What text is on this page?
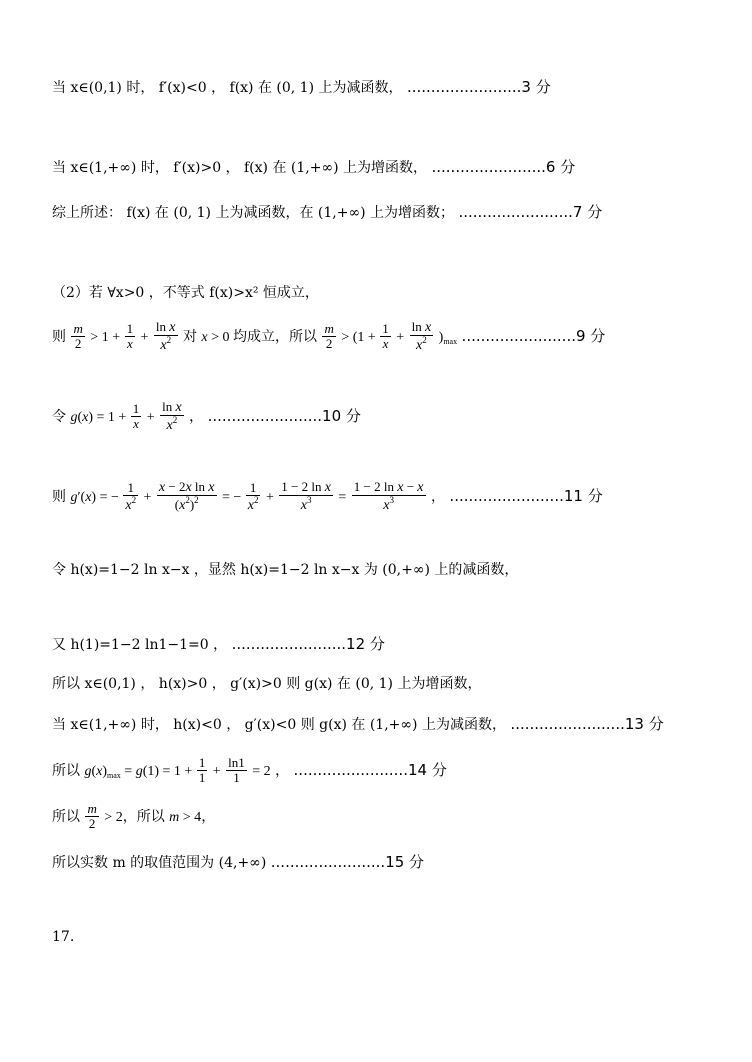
当 x∈(0,1) 时， f′(x)<0 ， f(x) 在 (0, 1) 上为减函数， ........................3 分
当 x∈(1,+∞) 时， f′(x)>0 ， f(x) 在 (1,+∞) 上为增函数， ........................6 分
综上所述： f(x) 在 (0, 1) 上为减函数，在 (1,+∞) 上为增函数； ........................7 分
（2）若 ∀x>0 ，不等式 f(x)>x² 恒成立，
则 $\frac{m}{2} > 1 + \frac{1}{x} + \frac{\text{ln x}}{x^2}$ 对 x > 0 均成立，所以 $\frac{m}{2} > (1 + \frac{1}{x} + \frac{\text{ln x}}{x^2} )_{max}$ ........................9 分
令 $g(x) = 1 + \frac{1}{x} + \frac{\text{ln x}}{x^2}$ ， ........................10 分
则 g′(x) = − $\frac{1}{x^2} + \frac{\text{x − 2x ln x}}{(x^2)^2}$ = − $\frac{1}{x^2} + \frac{\text{1 − 2 ln x}}{x^3} = \frac{\text{1 − 2 ln x − x}}{x^3}$ ， ........................11 分
令 h(x)=1−2 ln x−x ，显然 h(x)=1−2 ln x−x 为 (0,+∞) 上的减函数，
又 h(1)=1−2 ln1−1=0 ， ........................12 分
所以 x∈(0,1) ， h(x)>0 ， g′(x)>0 则 g(x) 在 (0, 1) 上为增函数，
当 x∈(1,+∞) 时， h(x)<0 ， g′(x)<0 则 g(x) 在 (1,+∞) 上为减函数， ........................13 分
所以 $g(x)_{max} = g(1) = 1 + \frac{1}{1} + \frac{\ln 1}{1} = 2$ ， ........................14 分
所以 $\frac{m}{2} > 2$，所以 m > 4，
所以实数 m 的取值范围为 (4,+∞) ........................15 分
17.
